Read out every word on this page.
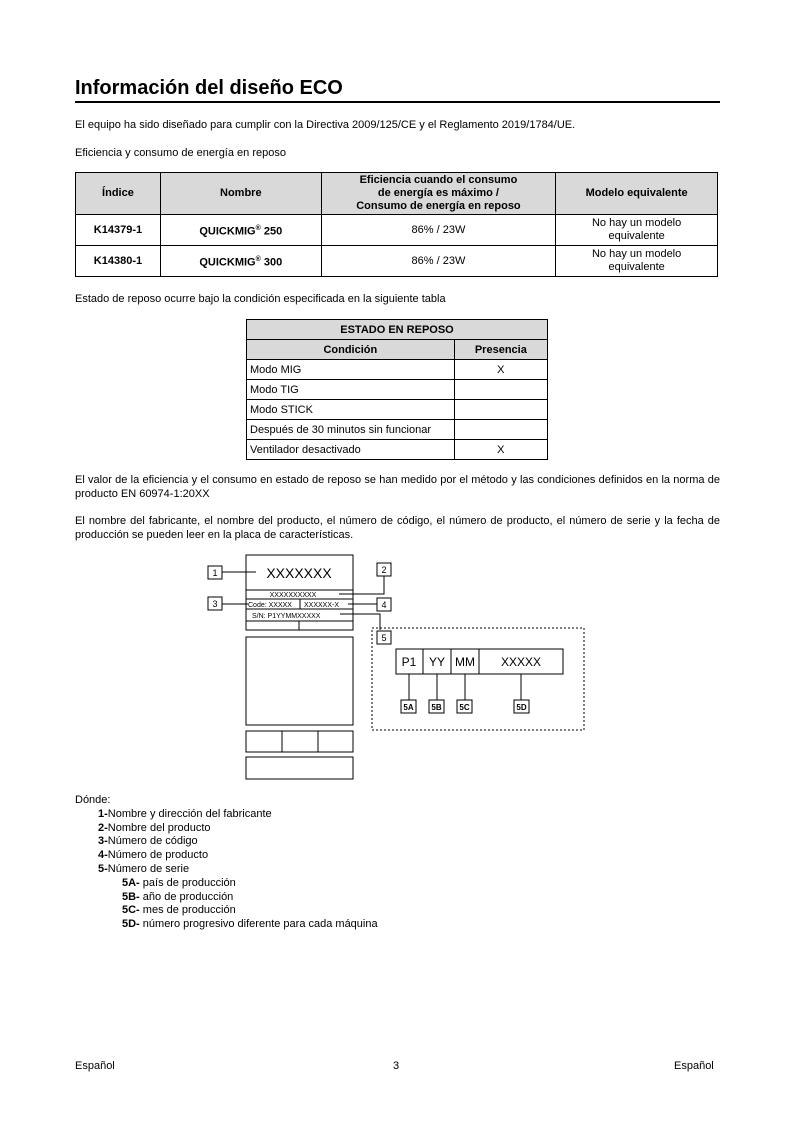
Información del diseño ECO
El equipo ha sido diseñado para cumplir con la Directiva 2009/125/CE y el Reglamento 2019/1784/UE.
Eficiencia y consumo de energía en reposo
Índice	Nombre	Eficiencia cuando el consumo
de energía es máximo /
Consumo de energía en reposo	Modelo equivalente
K14379-1	QUICKMIG® 250	86% / 23W	No hay un modelo
equivalente
K14380-1	QUICKMIG® 300	86% / 23W	No hay un modelo
equivalente
Estado de reposo ocurre bajo la condición especificada en la siguiente tabla
ESTADO EN REPOSO	
Condición	Presencia
Modo MIG	X
Modo TIG	
Modo STICK	
Después de 30 minutos sin funcionar	
Ventilador desactivado	X
El valor de la eficiencia y el consumo en estado de reposo se han medido por el método y las condiciones definidos en la norma de producto EN 60974-1:20XX
El nombre del fabricante, el nombre del producto, el número de código, el número de producto, el número de serie y la fecha de producción se pueden leer en la placa de características.
XXXXXXX
XXXXXXXXXX
Code: XXXXX XXXXXX-X
S/N: P1YYMMXXXXX
1	2
3	4
5
P1 YY MM XXXXX
5A 5B 5C	5D
Dónde:
1-Nombre y dirección del fabricante
2-Nombre del producto
3-Número de código
4-Número de producto
5-Número de serie
5A- país de producción
5B- año de producción
5C- mes de producción
5D- número progresivo diferente para cada máquina
Español	3	Español
